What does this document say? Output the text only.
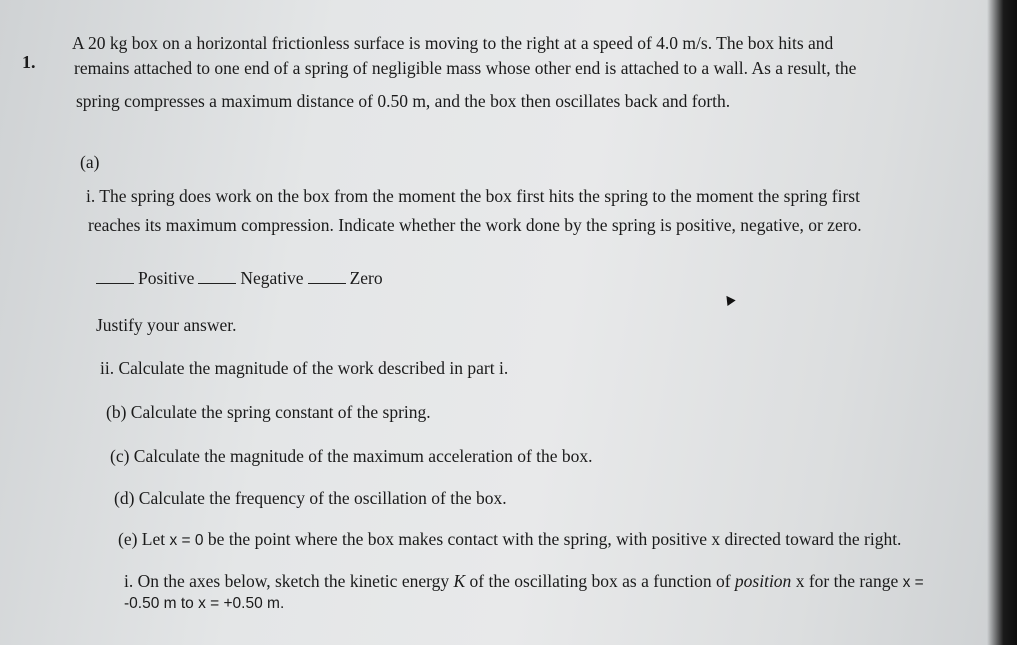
1.
A 20 kg box on a horizontal frictionless surface is moving to the right at a speed of 4.0 m/s. The box hits and
remains attached to one end of a spring of negligible mass whose other end is attached to a wall. As a result, the
spring compresses a maximum distance of 0.50 m, and the box then oscillates back and forth.
(a)
i. The spring does work on the box from the moment the box first hits the spring to the moment the spring first
reaches its maximum compression. Indicate whether the work done by the spring is positive, negative, or zero.
Positive	Negative	Zero
Justify your answer.
ii. Calculate the magnitude of the work described in part i.
(b) Calculate the spring constant of the spring.
(c) Calculate the magnitude of the maximum acceleration of the box.
(d) Calculate the frequency of the oscillation of the box.
(e) Let x = 0 be the point where the box makes contact with the spring, with positive x directed toward the right.
i. On the axes below, sketch the kinetic energy K of the oscillating box as a function of position x for the range x =
-0.50 m to x = +0.50 m.
